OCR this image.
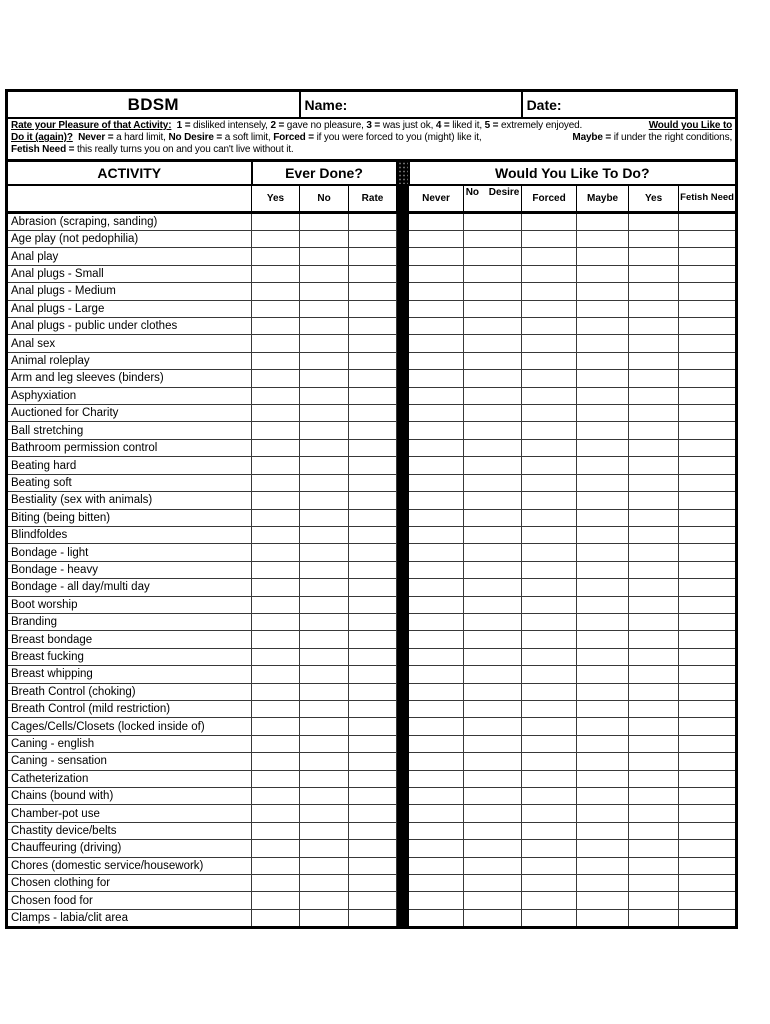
BDSM		Name:					Date:			

Rate your Pleasure of that Activity: 1 = disliked intensely, 2 = gave no pleasure, 3 = was just ok, 4 = liked it, 5 = extremely enjoyed. Would you Like to
Do it (again)? Never = a hard limit, No Desire = a soft limit, Forced = if you were forced to you (might) like it, Maybe = if under the right conditions,
Fetish Need = this really turns you on and you can't live without it.										

ACTIVITY	Ever Done?				Would You Like To Do?					
	Yes	No	Rate		Never	No Desire	Forced	Maybe	Yes	Fetish Need
Abrasion (scraping, sanding)										
Age play (not pedophilia)										
Anal play										
Anal plugs - Small										
Anal plugs - Medium										
Anal plugs - Large										
Anal plugs - public under clothes										
Anal sex										
Animal roleplay										
Arm and leg sleeves (binders)										
Asphyxiation										
Auctioned for Charity										
Ball stretching										
Bathroom permission control										
Beating hard										
Beating soft										
Bestiality (sex with animals)										
Biting (being bitten)										
Blindfoldes										
Bondage - light										
Bondage - heavy										
Bondage - all day/multi day										
Boot worship										
Branding										
Breast bondage										
Breast fucking										
Breast whipping										
Breath Control (choking)										
Breath Control (mild restriction)										
Cages/Cells/Closets (locked inside of)										
Caning - english										
Caning - sensation										
Catheterization										
Chains (bound with)										
Chamber-pot use										
Chastity device/belts										
Chauffeuring (driving)										
Chores (domestic service/housework)										
Chosen clothing for										
Chosen food for										
Clamps - labia/clit area										
